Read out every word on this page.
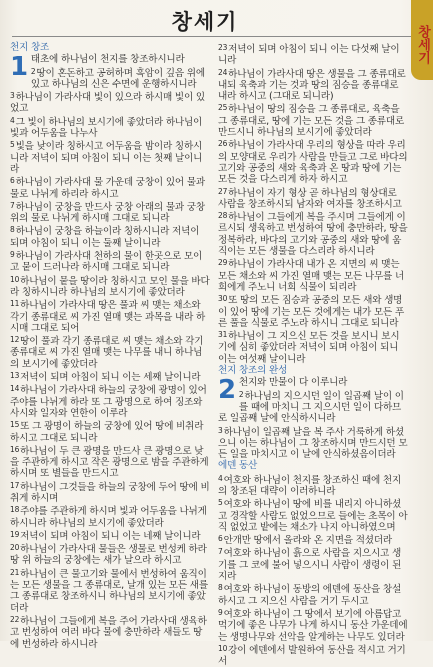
창세기
창세기
천지 창조
1 태초에 하나님이 천지를 창조하시니라

$^2$땅이 혼돈하고 공허하며 흑암이 깊음 위에 있고 하나님의 신은 수면에 운행하시니라

$^3$하나님이 가라사대 빛이 있으라 하시매 빛이 있었고

$^4$그 빛이 하나님의 보시기에 좋았더라 하나님이 빛과 어두움을 나누사

$^5$빛을 낮이라 칭하시고 어두움을 밤이라 칭하시니라 저녁이 되며 아침이 되니 이는 첫째 날이니라

$^6$하나님이 가라사대 물 가운데 궁창이 있어 물과 물로 나뉘게 하리라 하시고

$^7$하나님이 궁창을 만드사 궁창 아래의 물과 궁창 위의 물로 나뉘게 하시매 그대로 되니라

$^8$하나님이 궁창을 하늘이라 칭하시니라 저녁이 되며 아침이 되니 이는 둘째 날이니라

$^9$하나님이 가라사대 천하의 물이 한곳으로 모이고 뭍이 드러나라 하시매 그대로 되니라

$^{10}$하나님이 뭍을 땅이라 칭하시고 모인 물을 바다라 칭하시니라 하나님의 보시기에 좋았더라

$^{11}$하나님이 가라사대 땅은 풀과 씨 맺는 채소와 각기 종류대로 씨 가진 열매 맺는 과목을 내라 하시매 그대로 되어

$^{12}$땅이 풀과 각기 종류대로 씨 맺는 채소와 각기 종류대로 씨 가진 열매 맺는 나무를 내니 하나님의 보시기에 좋았더라

$^{13}$저녁이 되며 아침이 되니 이는 세째 날이니라

$^{14}$하나님이 가라사대 하늘의 궁창에 광명이 있어 주야를 나뉘게 하라 또 그 광명으로 하여 징조와 사시와 일자와 연한이 이루라

$^{15}$또 그 광명이 하늘의 궁창에 있어 땅에 비취라 하시고 그대로 되니라

$^{16}$하나님이 두 큰 광명을 만드사 큰 광명으로 낮을 주관하게 하시고 작은 광명으로 밤을 주관하게 하시며 또 별들을 만드시고

$^{17}$하나님이 그것들을 하늘의 궁창에 두어 땅에 비취게 하시며

$^{18}$주야를 주관하게 하시며 빛과 어두움을 나뉘게 하시니라 하나님의 보시기에 좋았더라

$^{19}$저녁이 되며 아침이 되니 이는 네째 날이니라

$^{20}$하나님이 가라사대 물들은 생물로 번성케 하라 땅 위 하늘의 궁창에는 새가 날으라 하시고

$^{21}$하나님이 큰 물고기와 물에서 번성하여 움직이는 모든 생물을 그 종류대로, 날개 있는 모든 새를 그 종류대로 창조하시니 하나님의 보시기에 좋았더라

$^{22}$하나님이 그들에게 복을 주어 가라사대 생육하고 번성하여 여러 바다 물에 충만하라 새들도 땅에 번성하라 하시니라

$^{23}$저녁이 되며 아침이 되니 이는 다섯째 날이니라

$^{24}$하나님이 가라사대 땅은 생물을 그 종류대로 내되 육축과 기는 것과 땅의 짐승을 종류대로 내라 하시고 (그대로 되니라)

$^{25}$하나님이 땅의 짐승을 그 종류대로, 육축을 그 종류대로, 땅에 기는 모든 것을 그 종류대로 만드시니 하나님의 보시기에 좋았더라

$^{26}$하나님이 가라사대 우리의 형상을 따라 우리의 모양대로 우리가 사람을 만들고 그로 바다의 고기와 공중의 새와 육축과 온 땅과 땅에 기는 모든 것을 다스리게 하자 하시고

$^{27}$하나님이 자기 형상 곧 하나님의 형상대로 사람을 창조하시되 남자와 여자를 창조하시고

$^{28}$하나님이 그들에게 복을 주시며 그들에게 이르시되 생육하고 번성하여 땅에 충만하라, 땅을 정복하라, 바다의 고기와 공중의 새와 땅에 움직이는 모든 생물을 다스리라 하시니라

$^{29}$하나님이 가라사대 내가 온 지면의 씨 맺는 모든 채소와 씨 가진 열매 맺는 모든 나무를 너희에게 주노니 너희 식물이 되리라

$^{30}$또 땅의 모든 짐승과 공중의 모든 새와 생명이 있어 땅에 기는 모든 것에게는 내가 모든 푸른 풀을 식물로 주노라 하시니 그대로 되니라

$^{31}$하나님이 그 지으신 모든 것을 보시니 보시기에 심히 좋았더라 저녁이 되며 아침이 되니 이는 여섯째 날이니라

천지 창조의 완성
2 천지와 만물이 다 이루니라

$^2$하나님의 지으시던 일이 일곱째 날이 이를 때에 마치니 그 지으시던 일이 다하므로 일곱째 날에 안식하시니라

$^3$하나님이 일곱째 날을 복 주사 거룩하게 하셨으니 이는 하나님이 그 창조하시며 만드시던 모든 일을 마치시고 이 날에 안식하셨음이더라

에덴 동산

$^4$여호와 하나님이 천지를 창조하신 때에 천지의 창조된 대략이 이러하니라

$^5$여호와 하나님이 땅에 비를 내리지 아니하셨고 경작할 사람도 없었으므로 들에는 초목이 아직 없었고 밭에는 채소가 나지 아니하였으며

$^6$안개만 땅에서 올라와 온 지면을 적셨더라

$^7$여호와 하나님이 흙으로 사람을 지으시고 생기를 그 코에 불어 넣으시니 사람이 생령이 된지라

$^8$여호와 하나님이 동방의 에덴에 동산을 창설하시고 그 지으신 사람을 거기 두시고

$^9$여호와 하나님이 그 땅에서 보기에 아름답고 먹기에 좋은 나무가 나게 하시니 동산 가운데에는 생명나무와 선악을 알게하는 나무도 있더라

$^{10}$강이 에덴에서 발원하여 동산을 적시고 거기서
